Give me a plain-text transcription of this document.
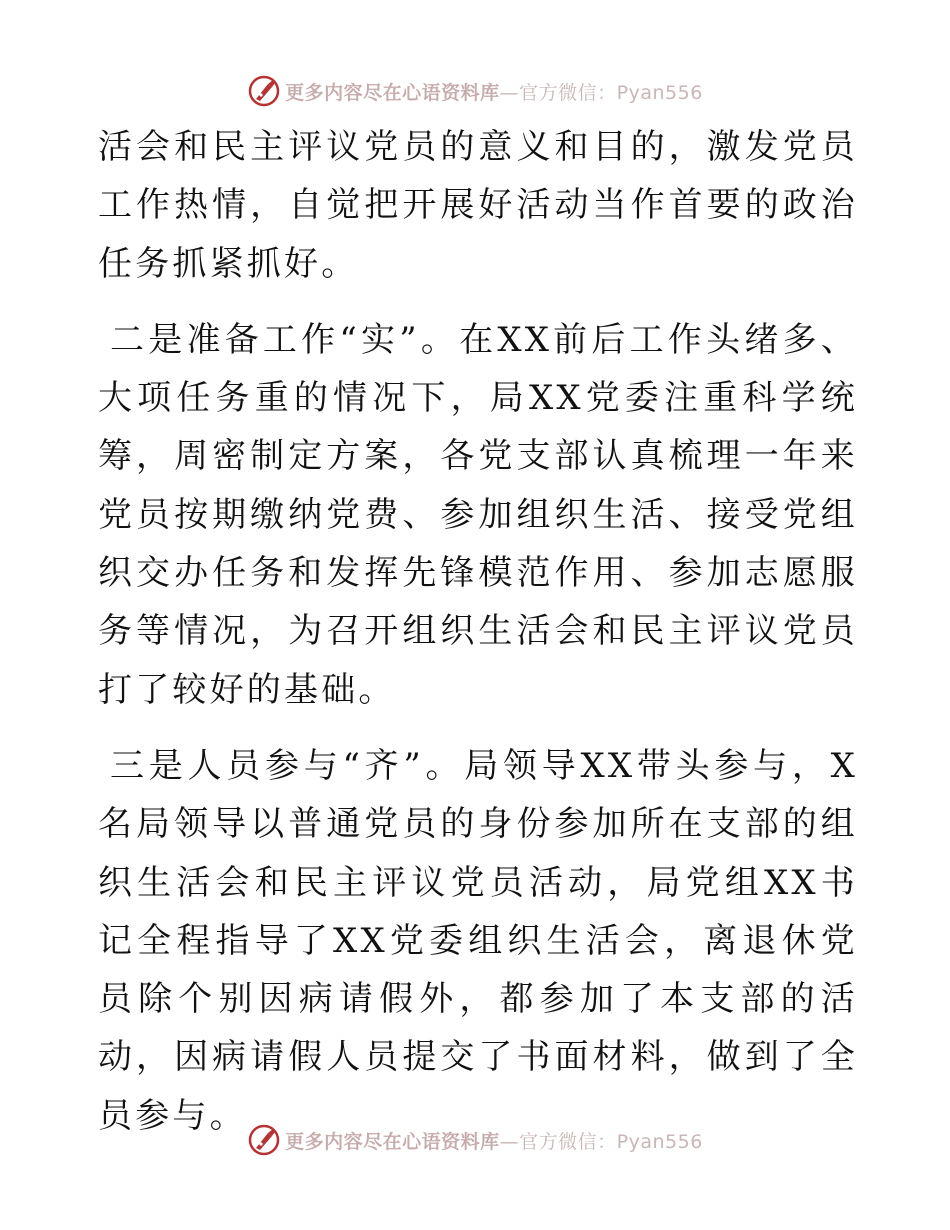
更多内容尽在心语资料库—官方微信：Pyan556

活会和民主评议党员的意义和目的，激发党员工作热情，自觉把开展好活动当作首要的政治任务抓紧抓好。

二是准备工作“实”。在XX前后工作头绪多、大项任务重的情况下，局XX党委注重科学统筹，周密制定方案，各党支部认真梳理一年来党员按期缴纳党费、参加组织生活、接受党组织交办任务和发挥先锋模范作用、参加志愿服务等情况，为召开组织生活会和民主评议党员打了较好的基础。

三是人员参与“齐”。局领导XX带头参与，X名局领导以普通党员的身份参加所在支部的组织生活会和民主评议党员活动，局党组XX书记全程指导了XX党委组织生活会，离退休党员除个别因病请假外，都参加了本支部的活动，因病请假人员提交了书面材料，做到了全员参与。

更多内容尽在心语资料库—官方微信：Pyan556
